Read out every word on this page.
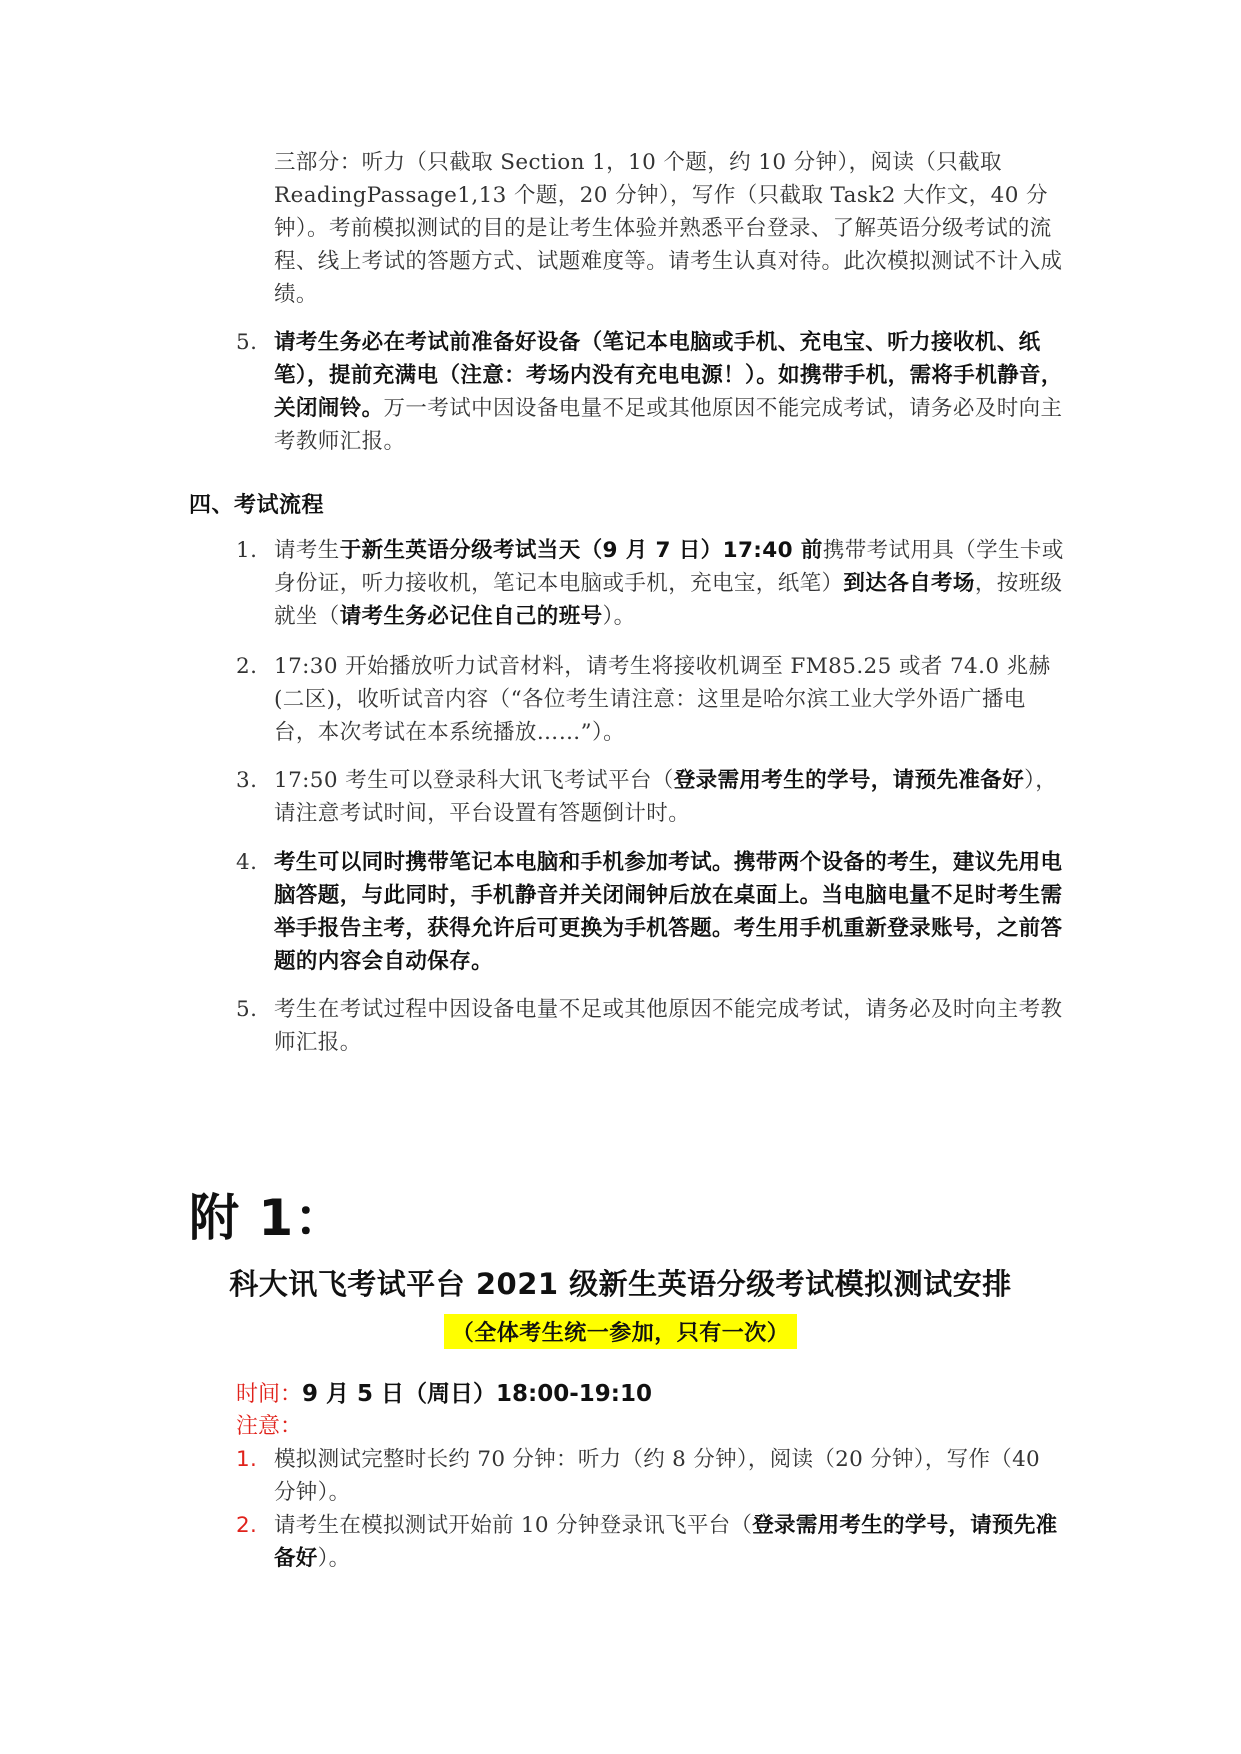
三部分：听力（只截取 Section 1，10 个题，约 10 分钟），阅读（只截取 ReadingPassage1,13 个题，20 分钟），写作（只截取 Task2 大作文，40 分钟）。考前模拟测试的目的是让考生体验并熟悉平台登录、了解英语分级考试的流程、线上考试的答题方式、试题难度等。请考生认真对待。此次模拟测试不计入成绩。
5. 请考生务必在考试前准备好设备（笔记本电脑或手机、充电宝、听力接收机、纸笔），提前充满电（注意：考场内没有充电电源！）。如携带手机，需将手机静音，关闭闹铃。万一考试中因设备电量不足或其他原因不能完成考试，请务必及时向主考教师汇报。
四、考试流程
1. 请考生于新生英语分级考试当天（9 月 7 日）17:40 前携带考试用具（学生卡或身份证，听力接收机，笔记本电脑或手机，充电宝，纸笔）到达各自考场，按班级就坐（请考生务必记住自己的班号）。
2. 17:30 开始播放听力试音材料，请考生将接收机调至 FM85.25 或者 74.0 兆赫(二区)，收听试音内容（“各位考生请注意：这里是哈尔滨工业大学外语广播电台，本次考试在本系统播放……”）。
3. 17:50 考生可以登录科大讯飞考试平台（登录需用考生的学号，请预先准备好），请注意考试时间，平台设置有答题倒计时。
4. 考生可以同时携带笔记本电脑和手机参加考试。携带两个设备的考生，建议先用电脑答题，与此同时，手机静音并关闭闹钟后放在桌面上。当电脑电量不足时考生需举手报告主考，获得允许后可更换为手机答题。考生用手机重新登录账号，之前答题的内容会自动保存。
5. 考生在考试过程中因设备电量不足或其他原因不能完成考试，请务必及时向主考教师汇报。
附 1：
科大讯飞考试平台 2021 级新生英语分级考试模拟测试安排
（全体考生统一参加，只有一次）
时间：9 月 5 日（周日）18:00-19:10
注意：
1. 模拟测试完整时长约 70 分钟：听力（约 8 分钟），阅读（20 分钟），写作（40 分钟）。
2. 请考生在模拟测试开始前 10 分钟登录讯飞平台（登录需用考生的学号，请预先准备好）。
